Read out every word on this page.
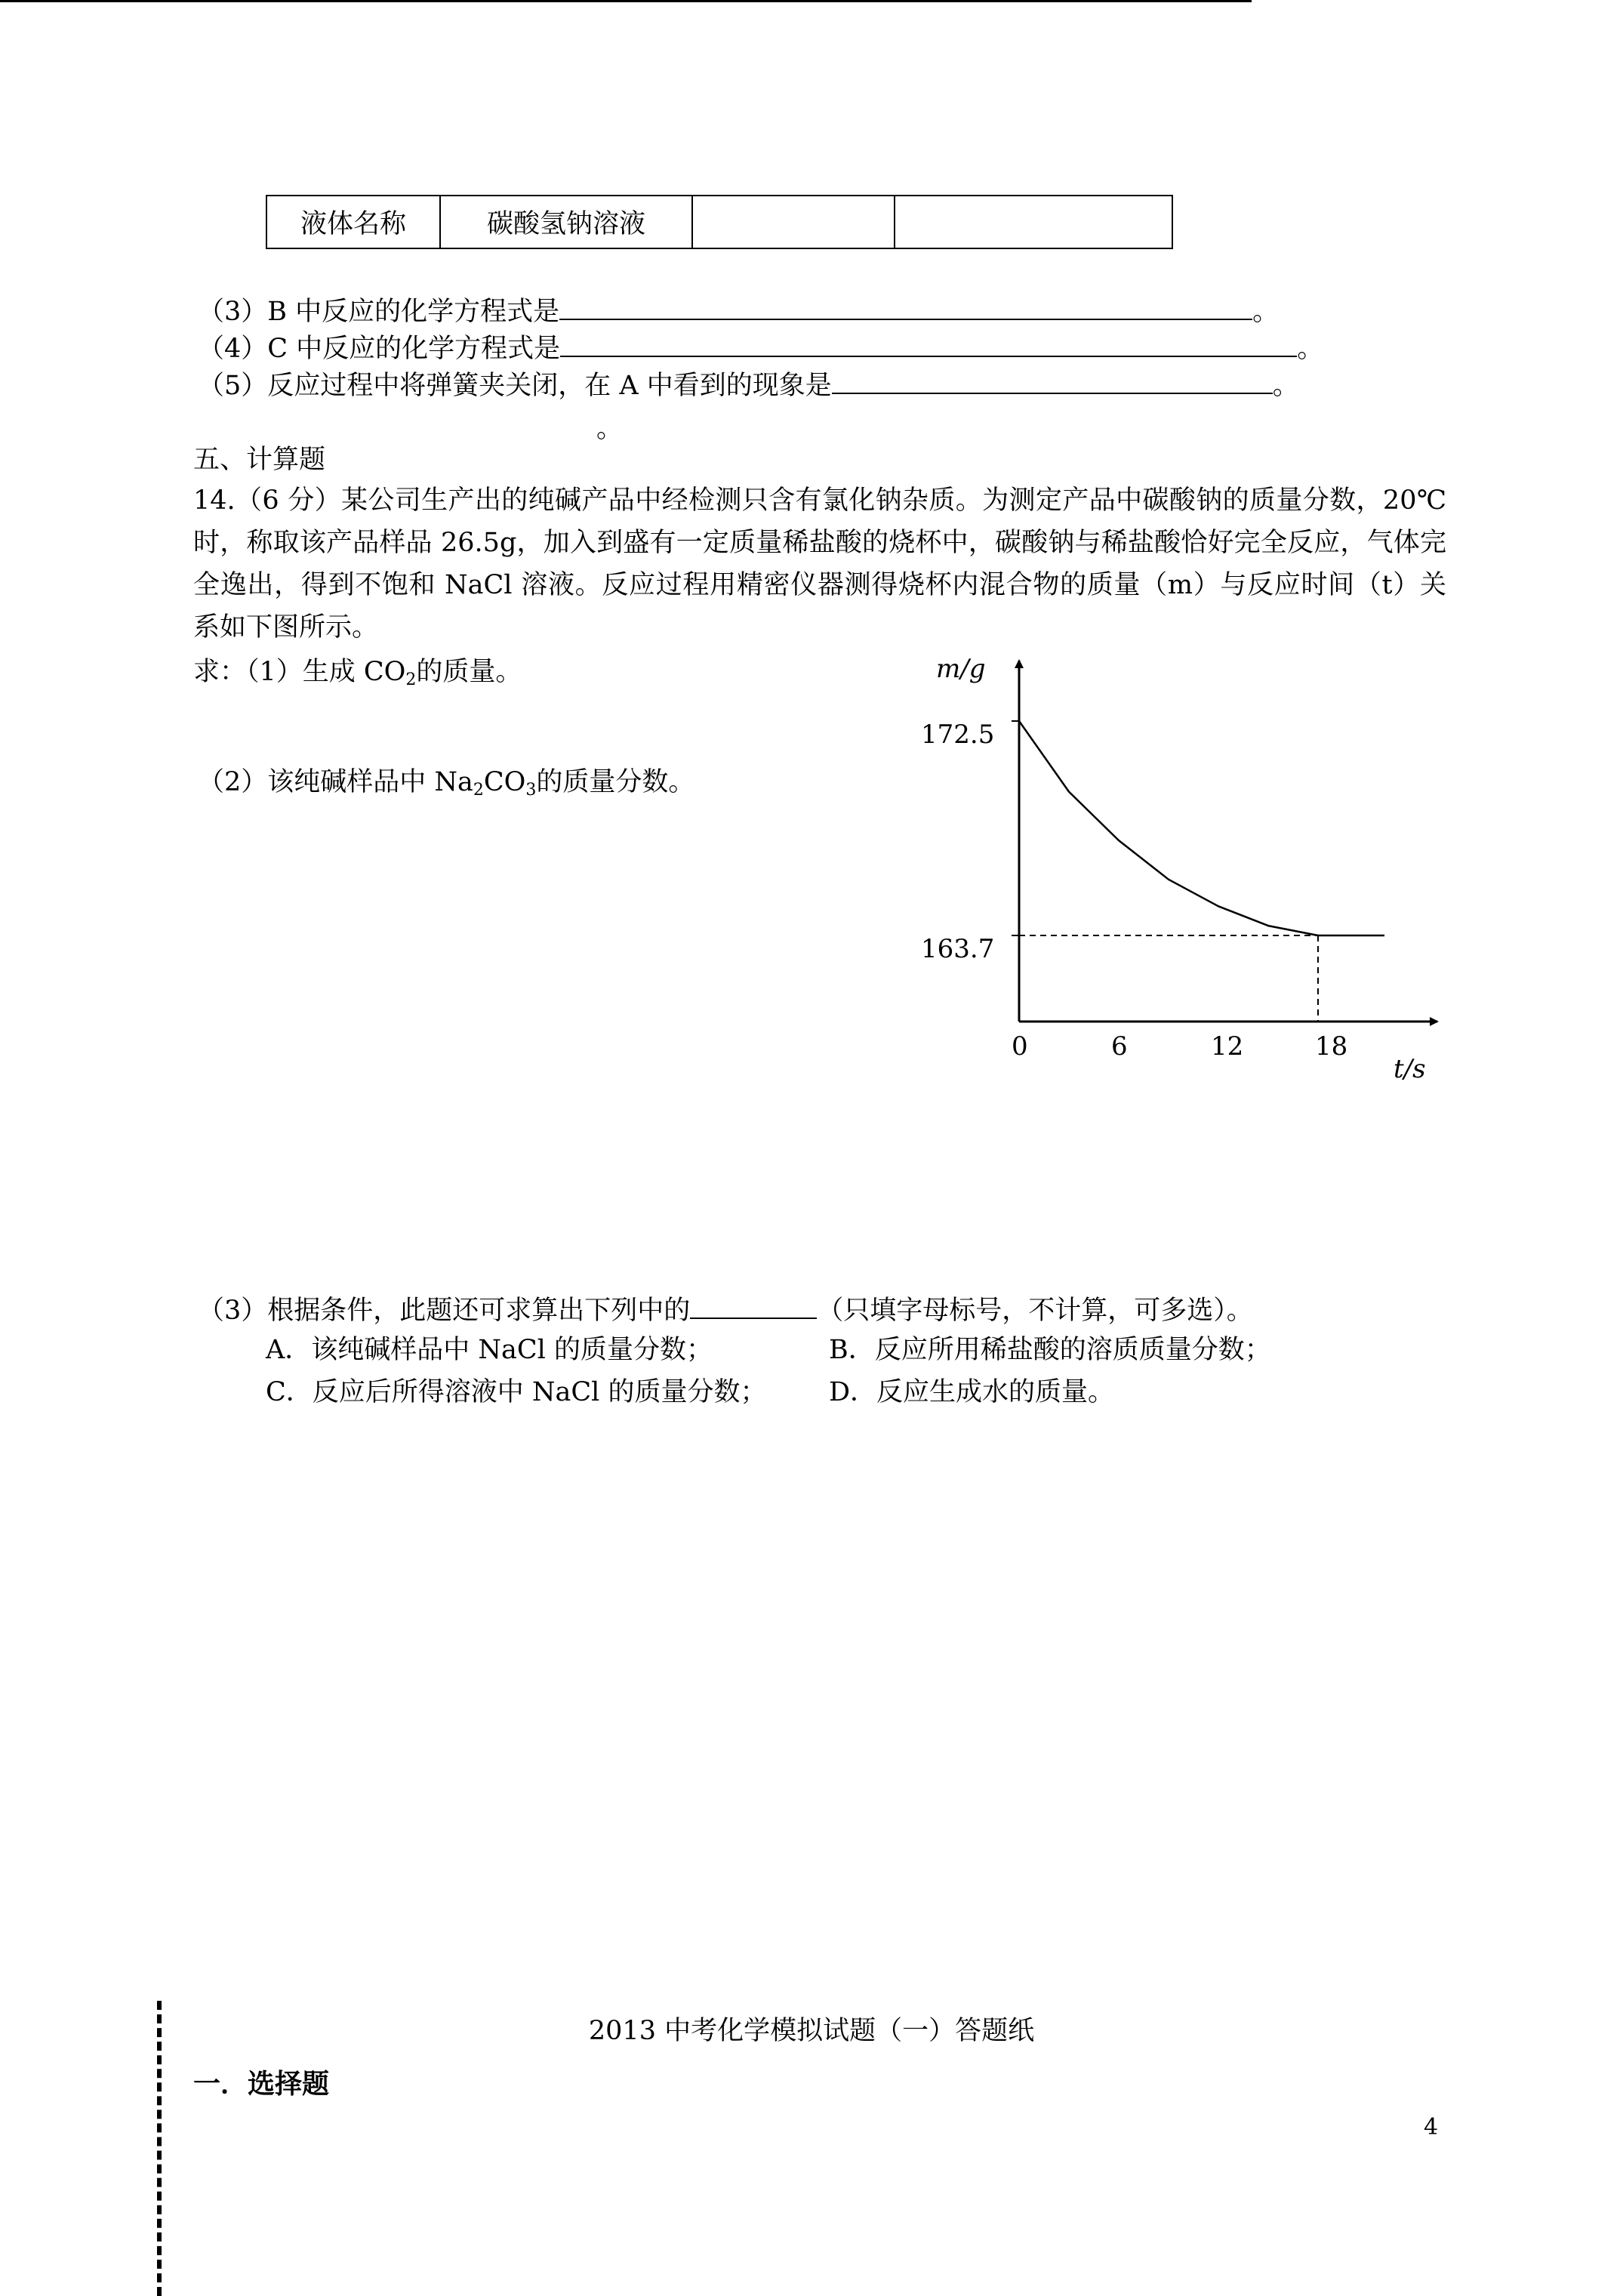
液体名称	碳酸氢钠溶液		
（3）B 中反应的化学方程式是	。
（4）C 中反应的化学方程式是	。
（5）反应过程中将弹簧夹关闭，在 A 中看到的现象是	。
。
五、计算题
14.（6 分）某公司生产出的纯碱产品中经检测只含有氯化钠杂质。为测定产品中碳酸钠的质量分数，20℃时，称取该产品样品 26.5g，加入到盛有一定质量稀盐酸的烧杯中，碳酸钠与稀盐酸恰好完全反应，气体完全逸出，得到不饱和 NaCl 溶液。反应过程用精密仪器测得烧杯内混合物的质量（m）与反应时间（t）关系如下图所示。
求：（1）生成 $CO_2$的质量。
（2）该纯碱样品中 $Na_2CO_3$的质量分数。
m/g
t/s
172.5
163.7
0	6	12	18
（3）根据条件，此题还可求算出下列中的	（只填字母标号，不计算，可多选）。
A．该纯碱样品中 NaCl 的质量分数；	B．反应所用稀盐酸的溶质质量分数；
C．反应后所得溶液中 NaCl 的质量分数； D．反应生成水的质量。
2013 中考化学模拟试题（一）答题纸
一．选择题
4
